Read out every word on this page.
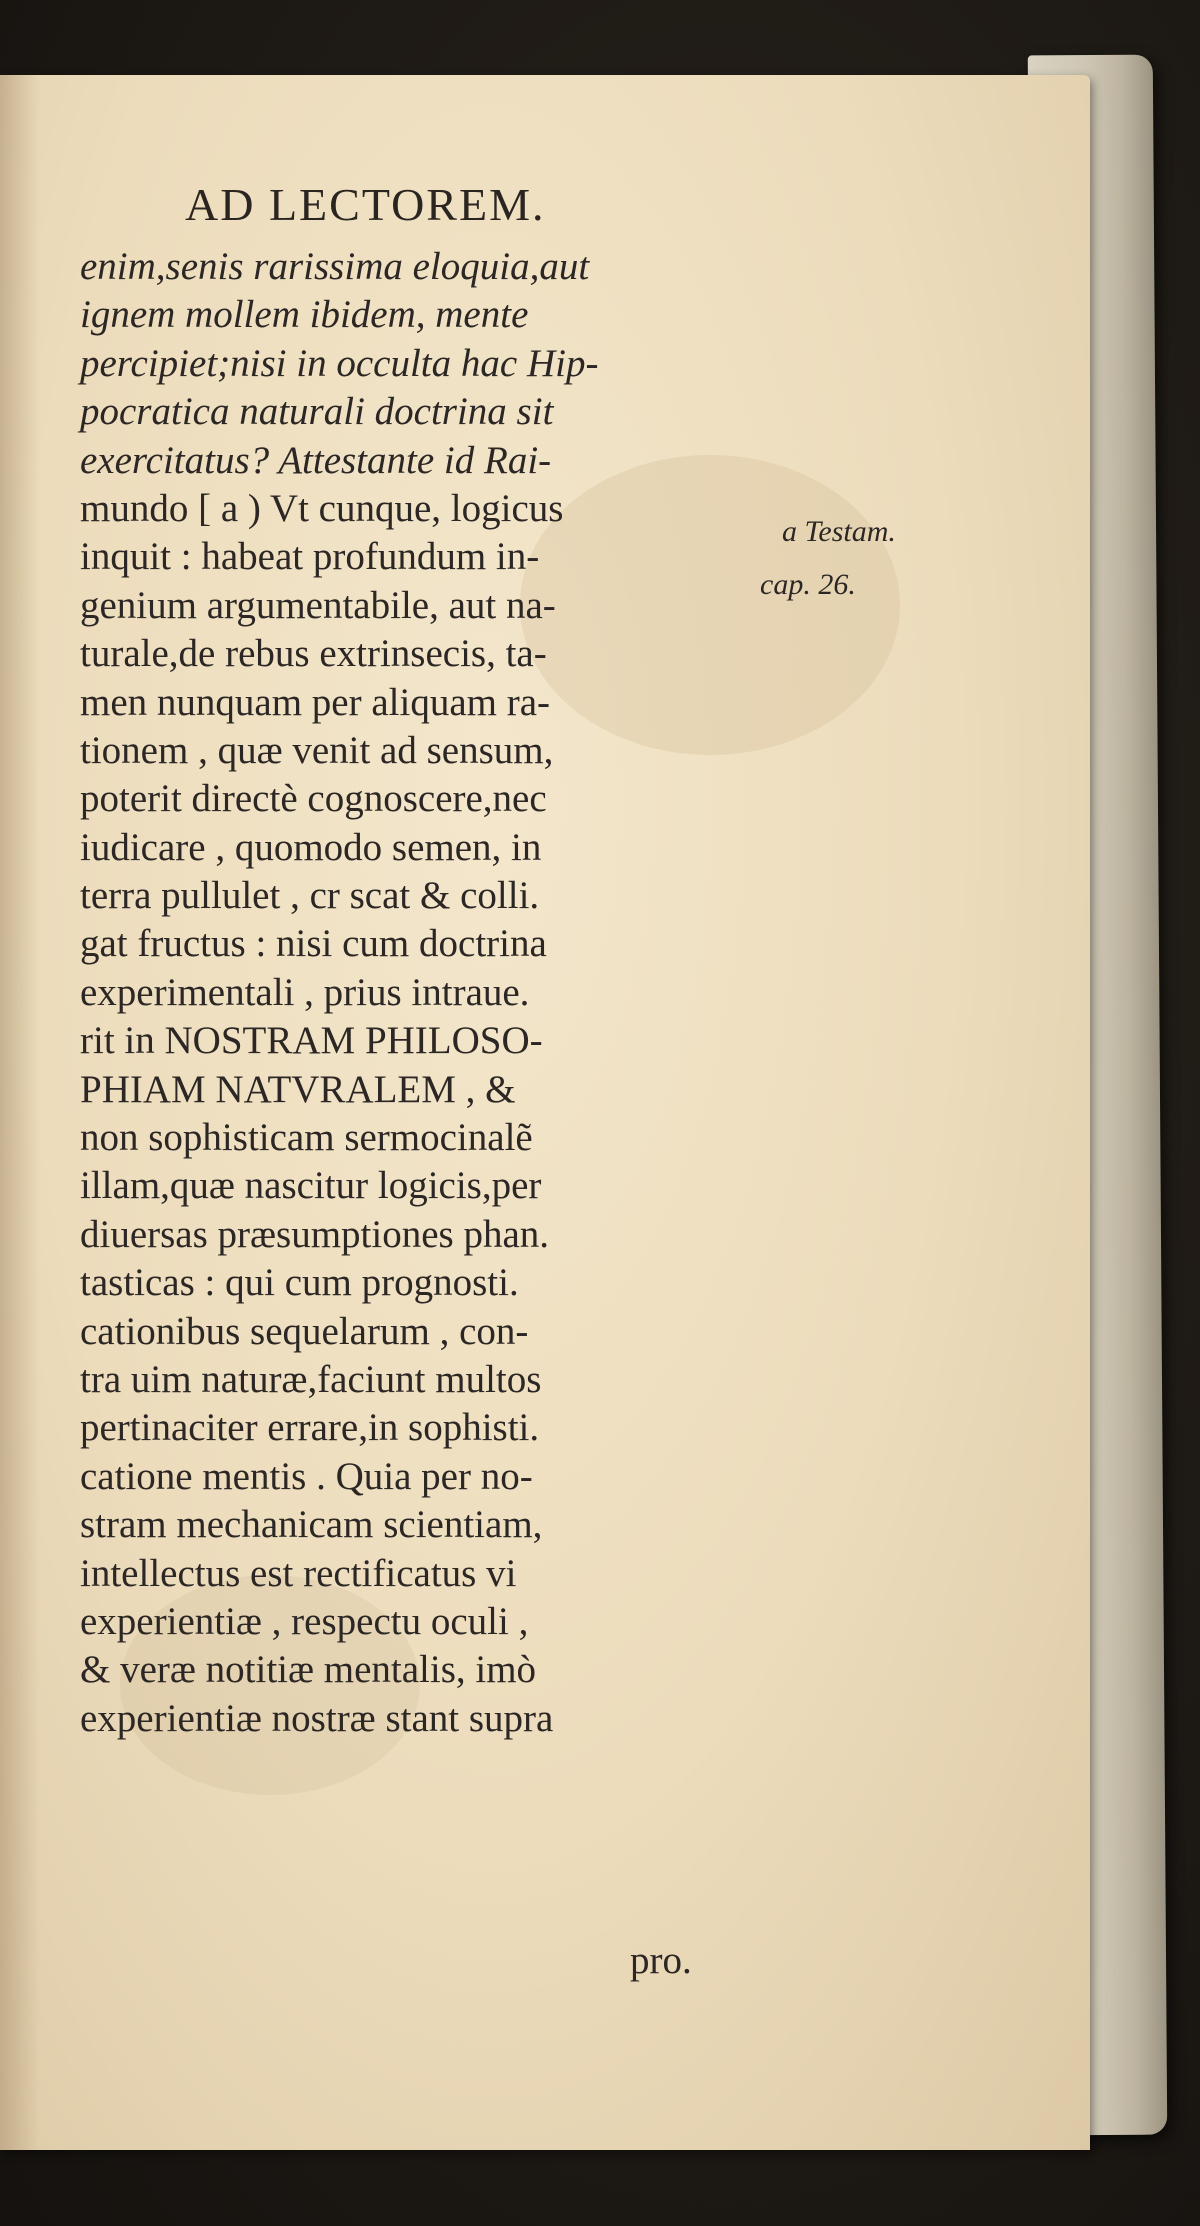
AD LECTOREM.
enim,senis rarissima eloquia,aut
ignem mollem ibidem, mente
percipiet;nisi in occulta hac Hip-
pocratica naturali doctrina sit
exercitatus? Attestante id Rai-
mundo [ a ) Vt cunque, logicus
inquit : habeat profundum in-
genium argumentabile, aut na-
turale,de rebus extrinsecis, ta-
men nunquam per aliquam ra-
tionem , quæ venit ad sensum,
poterit directè cognoscere,nec
iudicare , quomodo semen, in
terra pullulet , cr scat & colli.
gat fructus : nisi cum doctrina
experimentali , prius intraue.
rit in NOSTRAM PHILOSO-
PHIAM NATVRALEM , &
non sophisticam sermocinalẽ
illam,quæ nascitur logicis,per
diuersas præsumptiones phan.
tasticas : qui cum prognosti.
cationibus sequelarum , con-
tra uim naturæ,faciunt multos
pertinaciter errare,in sophisti.
catione mentis . Quia per no-
stram mechanicam scientiam,
intellectus est rectificatus vi
experientiæ , respectu oculi ,
& veræ notitiæ mentalis, imò
experientiæ nostræ stant supra
a Testam.
cap. 26.
pro.
